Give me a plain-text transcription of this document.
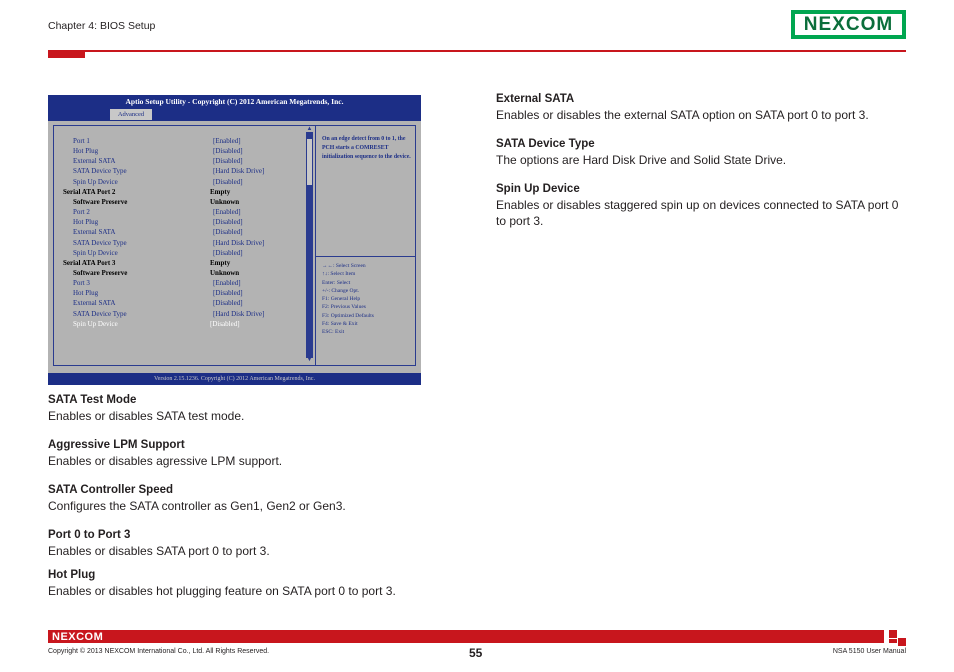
Chapter 4: BIOS Setup	NEXCOM
Aptio Setup Utility - Copyright (C) 2012 American Megatrends, Inc.
Advanced
▲
▼
Port 1	[Enabled]
Hot Plug	[Disabled]
External SATA	[Disabled]
SATA Device Type	[Hard Disk Drive]
Spin Up Device	[Disabled]
Serial ATA Port 2	Empty
Software Preserve	Unknown
Port 2	[Enabled]
Hot Plug	[Disabled]
External SATA	[Disabled]
SATA Device Type	[Hard Disk Drive]
Spin Up Device	[Disabled]
Serial ATA Port 3	Empty
Software Preserve	Unknown
Port 3	[Enabled]
Hot Plug	[Disabled]
External SATA	[Disabled]
SATA Device Type	[Hard Disk Drive]
Spin Up Device	[Disabled]
On an edge detect from 0 to 1, the PCH starts a COMRESET initialization sequence to the device.
→←: Select Screen
↑↓: Select Item
Enter: Select
+/-: Change Opt.
F1: General Help
F2: Previous Values
F3: Optimized Defaults
F4: Save & Exit
ESC: Exit
Version 2.15.1236. Copyright (C) 2012 American Megatrends, Inc.
External SATA
Enables or disables the external SATA option on SATA port 0 to port 3.
SATA Device Type
The options are Hard Disk Drive and Solid State Drive.
Spin Up Device
Enables or disables staggered spin up on devices connected to SATA port 0 to port 3.
SATA Test Mode
Enables or disables SATA test mode.
Aggressive LPM Support
Enables or disables agressive LPM support.
SATA Controller Speed
Configures the SATA controller as Gen1, Gen2 or Gen3.
Port 0 to Port 3
Enables or disables SATA port 0 to port 3.
Hot Plug
Enables or disables hot plugging feature on SATA port 0 to port 3.
NEXCOM
Copyright © 2013 NEXCOM International Co., Ltd. All Rights Reserved.	55	NSA 5150 User Manual
